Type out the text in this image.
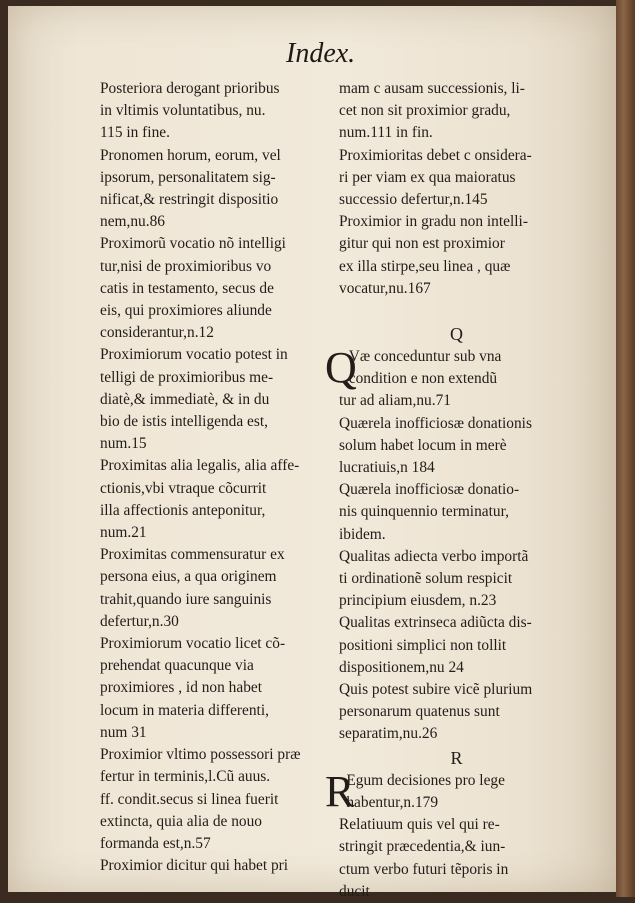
Index.

Posteriora derogant prioribus
in vltimis voluntatibus, nu.
115 in fine.

Pronomen horum, eorum, vel
ipsorum, personalitatem sig-
nificat,& restringit dispositio
nem,nu.86

Proximorũ vocatio nõ intelligi
tur,nisi de proximioribus vo
catis in testamento, secus de
eis, qui proximiores aliunde
considerantur,n.12

Proximiorum vocatio potest in
telligi de proximioribus me-
diatè,& immediatè, & in du
bio de istis intelligenda est,
num.15

Proximitas alia legalis, alia affe-
ctionis,vbi vtraque cõcurrit
illa affectionis anteponitur,
num.21

Proximitas commensuratur ex
persona eius, a qua originem
trahit,quando iure sanguinis
defertur,n.30

Proximiorum vocatio licet cõ-
prehendat quacunque via
proximiores , id non habet
locum in materia differenti,
num 31

Proximior vltimo possessori præ
fertur in terminis,l.Cũ auus.
ff. condit.secus si linea fuerit
extincta, quia alia de nouo
formanda est,n.57

Proximior dicitur qui habet pri

mam c ausam successionis, li-
cet non sit proximior gradu,
num.111 in fin.

Proximioritas debet c onsidera-
ri per viam ex qua maioratus
successio defertur,n.145

Proximior in gradu non intelli-
gitur qui non est proximior
ex illa stirpe,seu linea , quæ
vocatur,nu.167

Q

Q
Væ conceduntur sub vna
condition e non extendũ
tur ad aliam,nu.71

Quærela inofficiosæ donationis
solum habet locum in merè
lucratiuis,n 184

Quærela inofficiosæ donatio-
nis quinquennio terminatur,
ibidem.

Qualitas adiecta verbo importã
ti ordinationẽ solum respicit
principium eiusdem, n.23

Qualitas extrinseca adiũcta dis-
positioni simplici non tollit
dispositionem,nu 24

Quis potest subire vicẽ plurium
personarum quatenus sunt
separatim,nu.26

R

R
Egum decisiones pro lege
habentur,n.179

Relatiuum quis vel qui re-
stringit præcedentia,& iun-
ctum verbo futuri tẽporis in
ducit
